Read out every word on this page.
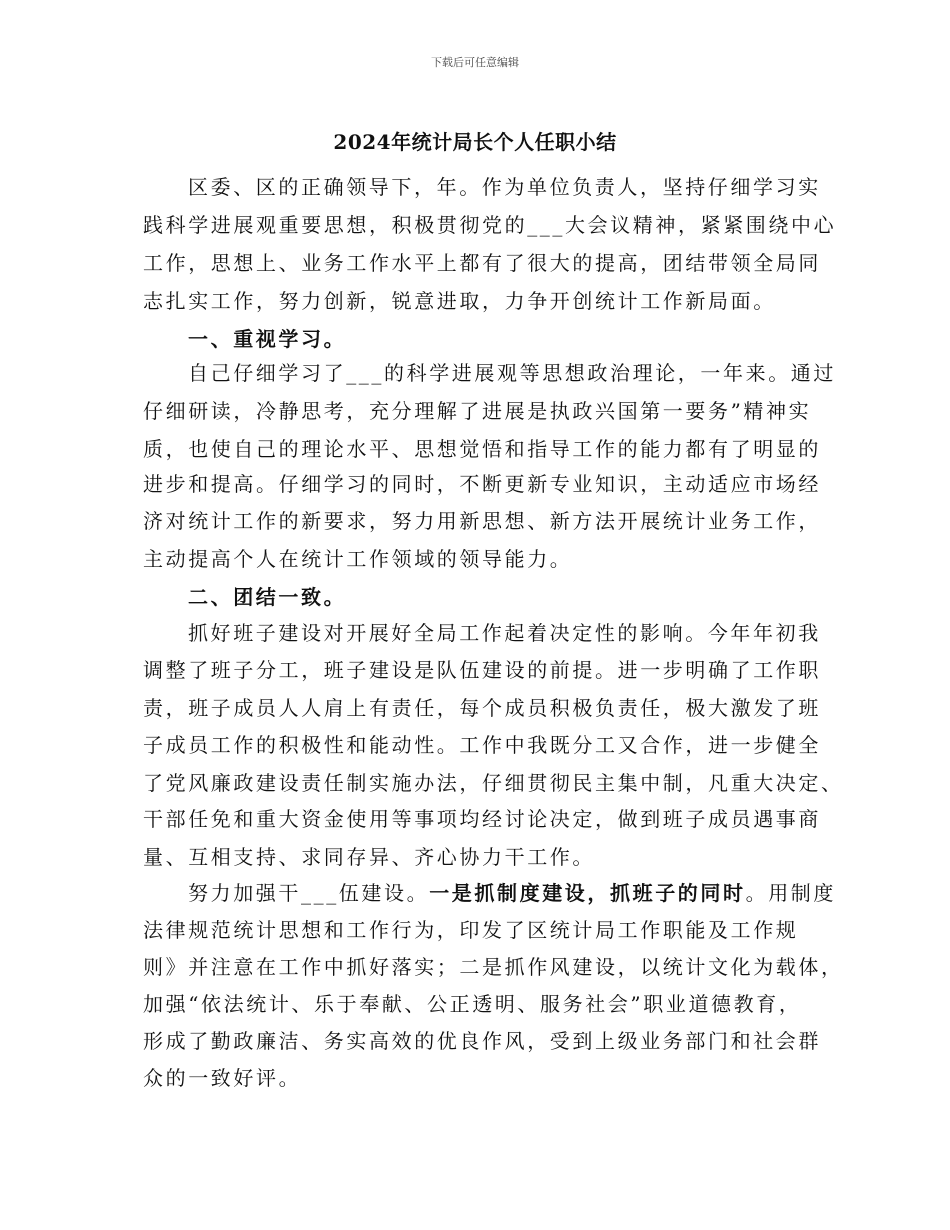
下载后可任意编辑
2024年统计局长个人任职小结
区委、区的正确领导下，年。作为单位负责人，坚持仔细学习实
践科学进展观重要思想，积极贯彻党的___大会议精神，紧紧围绕中心
工作，思想上、业务工作水平上都有了很大的提高，团结带领全局同
志扎实工作，努力创新，锐意进取，力争开创统计工作新局面。
一、重视学习。
自己仔细学习了___的科学进展观等思想政治理论，一年来。通过
仔细研读，冷静思考，充分理解了进展是执政兴国第一要务”精神实
质，也使自己的理论水平、思想觉悟和指导工作的能力都有了明显的
进步和提高。仔细学习的同时，不断更新专业知识，主动适应市场经
济对统计工作的新要求，努力用新思想、新方法开展统计业务工作，
主动提高个人在统计工作领域的领导能力。
二、团结一致。
抓好班子建设对开展好全局工作起着决定性的影响。今年年初我
调整了班子分工，班子建设是队伍建设的前提。进一步明确了工作职
责，班子成员人人肩上有责任，每个成员积极负责任，极大激发了班
子成员工作的积极性和能动性。工作中我既分工又合作，进一步健全
了党风廉政建设责任制实施办法，仔细贯彻民主集中制，凡重大决定、
干部任免和重大资金使用等事项均经讨论决定，做到班子成员遇事商
量、互相支持、求同存异、齐心协力干工作。
努力加强干___伍建设。一是抓制度建设，抓班子的同时。用制度
法律规范统计思想和工作行为，印发了区统计局工作职能及工作规
则》并注意在工作中抓好落实；二是抓作风建设，以统计文化为载体，
加强“依法统计、乐于奉献、公正透明、服务社会”职业道德教育，
形成了勤政廉洁、务实高效的优良作风，受到上级业务部门和社会群
众的一致好评。
